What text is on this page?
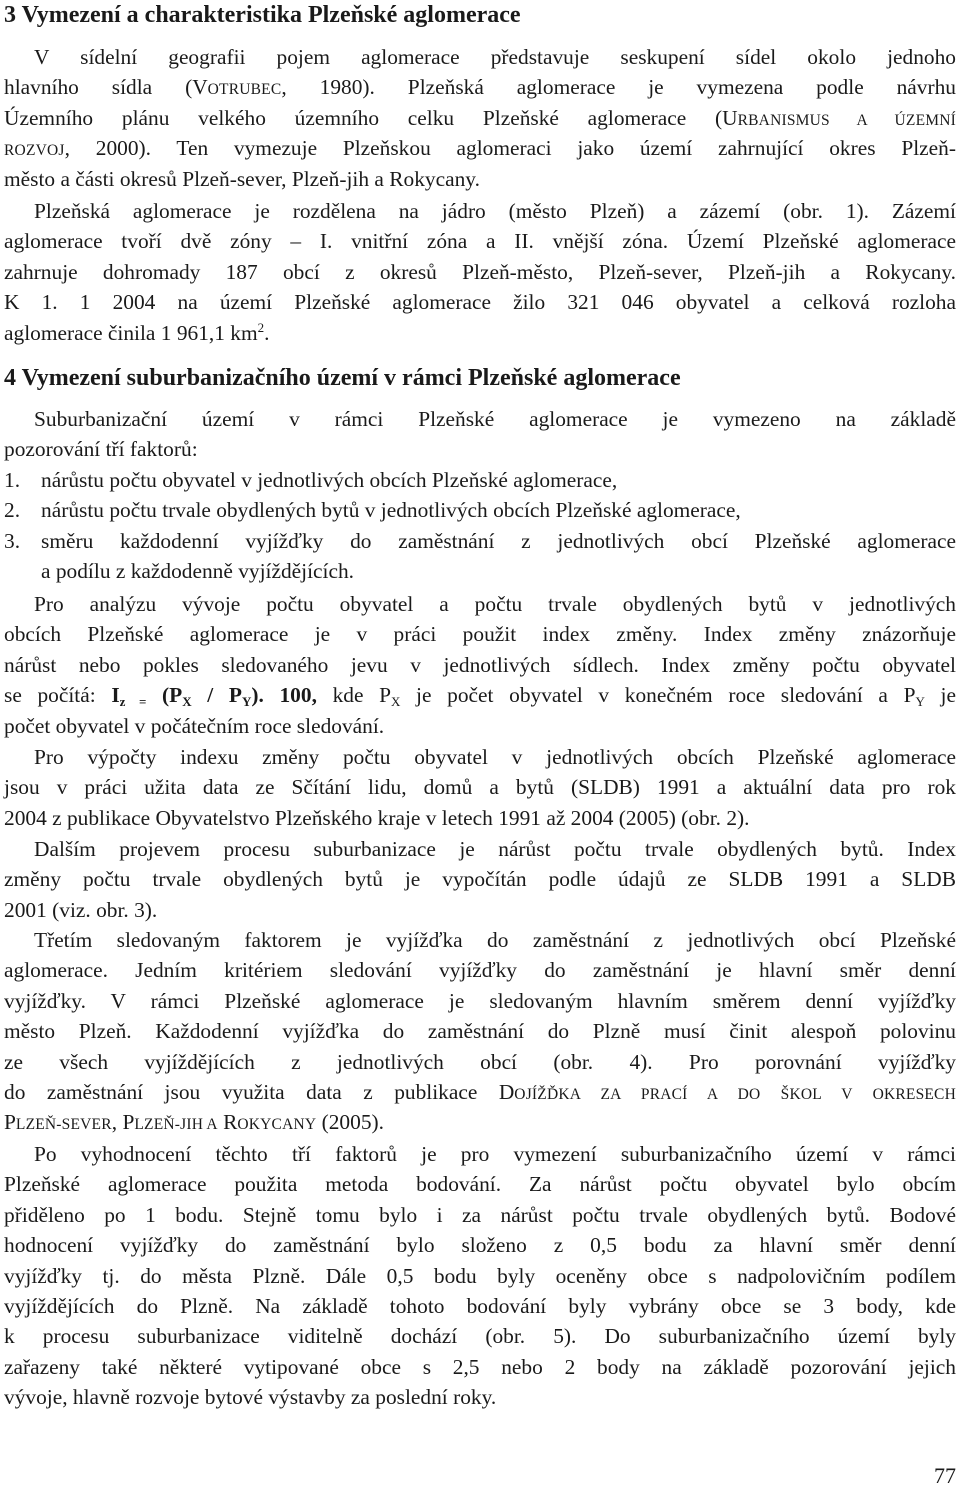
3 Vymezení a charakteristika Plzeňské aglomerace
V sídelní geografii pojem aglomerace představuje seskupení sídel okolo jednoho
hlavního sídla (VOTRUBEC, 1980). Plzeňská aglomerace je vymezena podle návrhu
Územního plánu velkého územního celku Plzeňské aglomerace (URBANISMUS A ÚZEMNÍ
ROZVOJ, 2000). Ten vymezuje Plzeňskou aglomeraci jako území zahrnující okres Plzeň-
město a části okresů Plzeň-sever, Plzeň-jih a Rokycany.
Plzeňská aglomerace je rozdělena na jádro (město Plzeň) a zázemí (obr. 1). Zázemí
aglomerace tvoří dvě zóny – I. vnitřní zóna a II. vnější zóna. Území Plzeňské aglomerace
zahrnuje dohromady 187 obcí z okresů Plzeň-město, Plzeň-sever, Plzeň-jih a Rokycany.
K 1. 1 2004 na území Plzeňské aglomerace žilo 321 046 obyvatel a celková rozloha
aglomerace činila 1 961,1 $km^2$.
4 Vymezení suburbanizačního území v rámci Plzeňské aglomerace
Suburbanizační území v rámci Plzeňské aglomerace je vymezeno na základě
pozorování tří faktorů:
1. nárůstu počtu obyvatel v jednotlivých obcích Plzeňské aglomerace,
2. nárůstu počtu trvale obydlených bytů v jednotlivých obcích Plzeňské aglomerace,
3. směru každodenní vyjížďky do zaměstnání z jednotlivých obcí Plzeňské aglomerace
a podílu z každodenně vyjíždějících.
Pro analýzu vývoje počtu obyvatel a počtu trvale obydlených bytů v jednotlivých
obcích Plzeňské aglomerace je v práci použit index změny. Index změny znázorňuje
nárůst nebo pokles sledovaného jevu v jednotlivých sídlech. Index změny počtu obyvatel
se počítá: $I_{z =}$ $(P_X / P_Y)$. 100, kde $P_X$ je počet obyvatel v konečném roce sledování a $P_Y$ je
počet obyvatel v počátečním roce sledování.
Pro výpočty indexu změny počtu obyvatel v jednotlivých obcích Plzeňské aglomerace
jsou v práci užita data ze Sčítání lidu, domů a bytů (SLDB) 1991 a aktuální data pro rok
2004 z publikace Obyvatelstvo Plzeňského kraje v letech 1991 až 2004 (2005) (obr. 2).
Dalším projevem procesu suburbanizace je nárůst počtu trvale obydlených bytů. Index
změny počtu trvale obydlených bytů je vypočítán podle údajů ze SLDB 1991 a SLDB
2001 (viz. obr. 3).
Třetím sledovaným faktorem je vyjížďka do zaměstnání z jednotlivých obcí Plzeňské
aglomerace. Jedním kritériem sledování vyjížďky do zaměstnání je hlavní směr denní
vyjížďky. V rámci Plzeňské aglomerace je sledovaným hlavním směrem denní vyjížďky
město Plzeň. Každodenní vyjížďka do zaměstnání do Plzně musí činit alespoň polovinu
ze všech vyjíždějících z jednotlivých obcí (obr. 4). Pro porovnání vyjížďky
do zaměstnání jsou využita data z publikace DOJÍŽĎKA ZA PRACÍ A DO ŠKOL V OKRESECH
PLZEŇ-SEVER, PLZEŇ-JIH A ROKYCANY (2005).
Po vyhodnocení těchto tří faktorů je pro vymezení suburbanizačního území v rámci
Plzeňské aglomerace použita metoda bodování. Za nárůst počtu obyvatel bylo obcím
přiděleno po 1 bodu. Stejně tomu bylo i za nárůst počtu trvale obydlených bytů. Bodové
hodnocení vyjížďky do zaměstnání bylo složeno z 0,5 bodu za hlavní směr denní
vyjížďky tj. do města Plzně. Dále 0,5 bodu byly oceněny obce s nadpolovičním podílem
vyjíždějících do Plzně. Na základě tohoto bodování byly vybrány obce se 3 body, kde
k procesu suburbanizace viditelně dochází (obr. 5). Do suburbanizačního území byly
zařazeny také některé vytipované obce s 2,5 nebo 2 body na základě pozorování jejich
vývoje, hlavně rozvoje bytové výstavby za poslední roky.
77
